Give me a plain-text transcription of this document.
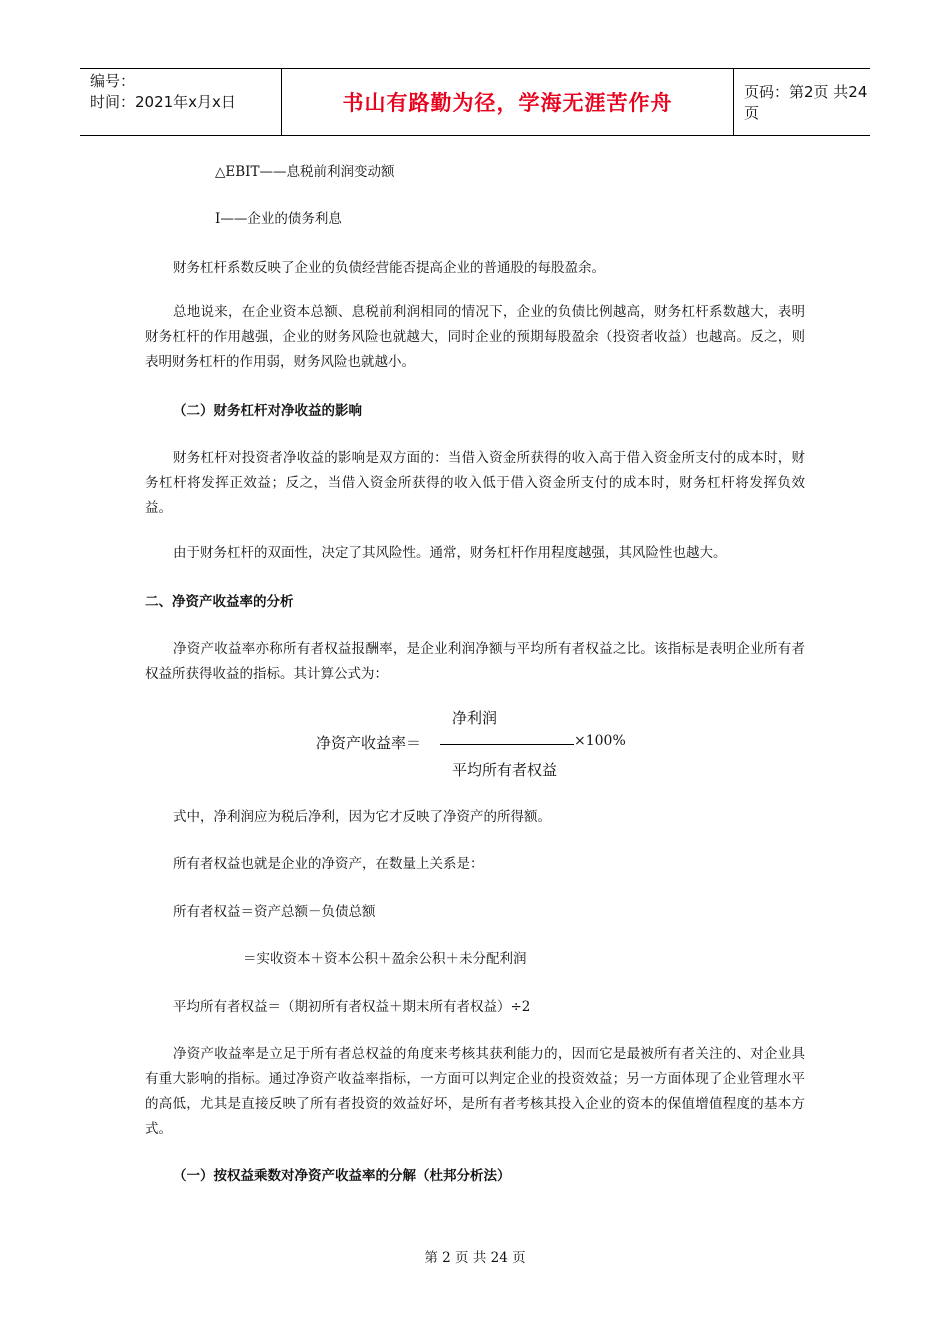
编号：
时间：2021年x月x日	书山有路勤为径，学海无涯苦作舟	页码：第2页 共24页
△EBIT——息税前利润变动额
I——企业的债务利息
财务杠杆系数反映了企业的负债经营能否提高企业的普通股的每股盈余。
总地说来，在企业资本总额、息税前利润相同的情况下，企业的负债比例越高，财务杠杆系数越大，表明财务杠杆的作用越强，企业的财务风险也就越大，同时企业的预期每股盈余（投资者收益）也越高。反之，则表明财务杠杆的作用弱，财务风险也就越小。
（二）财务杠杆对净收益的影响
财务杠杆对投资者净收益的影响是双方面的：当借入资金所获得的收入高于借入资金所支付的成本时，财务杠杆将发挥正效益；反之，当借入资金所获得的收入低于借入资金所支付的成本时，财务杠杆将发挥负效益。
由于财务杠杆的双面性，决定了其风险性。通常，财务杠杆作用程度越强，其风险性也越大。
二、净资产收益率的分析
净资产收益率亦称所有者权益报酬率，是企业利润净额与平均所有者权益之比。该指标是表明企业所有者权益所获得收益的指标。其计算公式为：
净资产收益率＝
净利润
平均所有者权益
×100%
式中，净利润应为税后净利，因为它才反映了净资产的所得额。
所有者权益也就是企业的净资产，在数量上关系是：
所有者权益＝资产总额－负债总额
＝实收资本＋资本公积＋盈余公积＋未分配利润
平均所有者权益＝（期初所有者权益＋期末所有者权益）÷2
净资产收益率是立足于所有者总权益的角度来考核其获利能力的，因而它是最被所有者关注的、对企业具有重大影响的指标。通过净资产收益率指标，一方面可以判定企业的投资效益；另一方面体现了企业管理水平的高低，尤其是直接反映了所有者投资的效益好坏，是所有者考核其投入企业的资本的保值增值程度的基本方式。
（一）按权益乘数对净资产收益率的分解（杜邦分析法）
第 2 页 共 24 页
